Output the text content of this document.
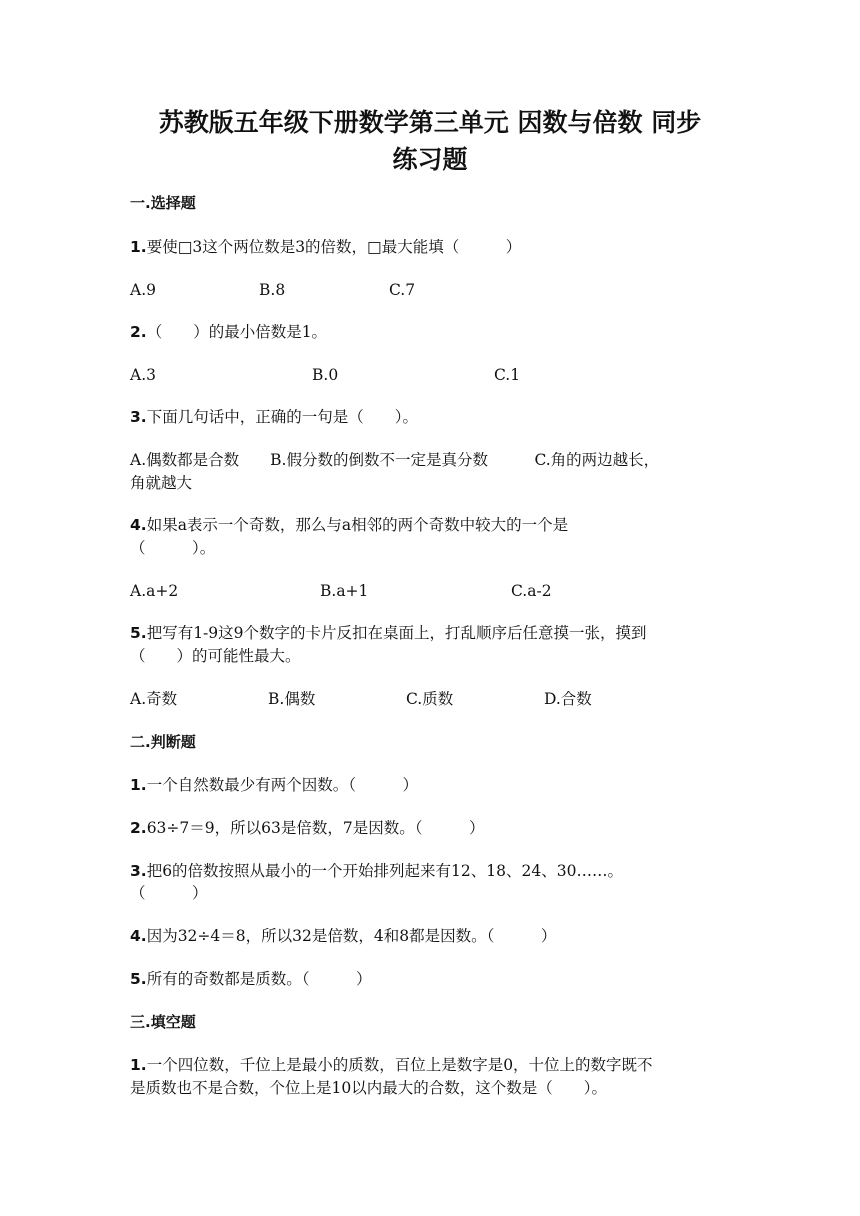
苏教版五年级下册数学第三单元 因数与倍数 同步
练习题
一.选择题
1.要使□3这个两位数是3的倍数，□最大能填（　　　）
A.9	B.8	C.7
2.（　　）的最小倍数是1。
A.3	B.0	C.1
3.下面几句话中，正确的一句是（　　）。
A.偶数都是合数　　B.假分数的倒数不一定是真分数　　　C.角的两边越长，
角就越大
4.如果a表示一个奇数，那么与a相邻的两个奇数中较大的一个是
（　　　）。
A.a+2	B.a+1	C.a-2
5.把写有1-9这9个数字的卡片反扣在桌面上，打乱顺序后任意摸一张，摸到
（　　）的可能性最大。
A.奇数	B.偶数	C.质数	D.合数
二.判断题
1.一个自然数最少有两个因数。（　　　）
2.63÷7＝9，所以63是倍数，7是因数。（　　　）
3.把6的倍数按照从最小的一个开始排列起来有12、18、24、30……。
（　　　）
4.因为32÷4＝8，所以32是倍数，4和8都是因数。（　　　）
5.所有的奇数都是质数。（　　　）
三.填空题
1.一个四位数，千位上是最小的质数，百位上是数字是0，十位上的数字既不
是质数也不是合数，个位上是10以内最大的合数，这个数是（　　）。
